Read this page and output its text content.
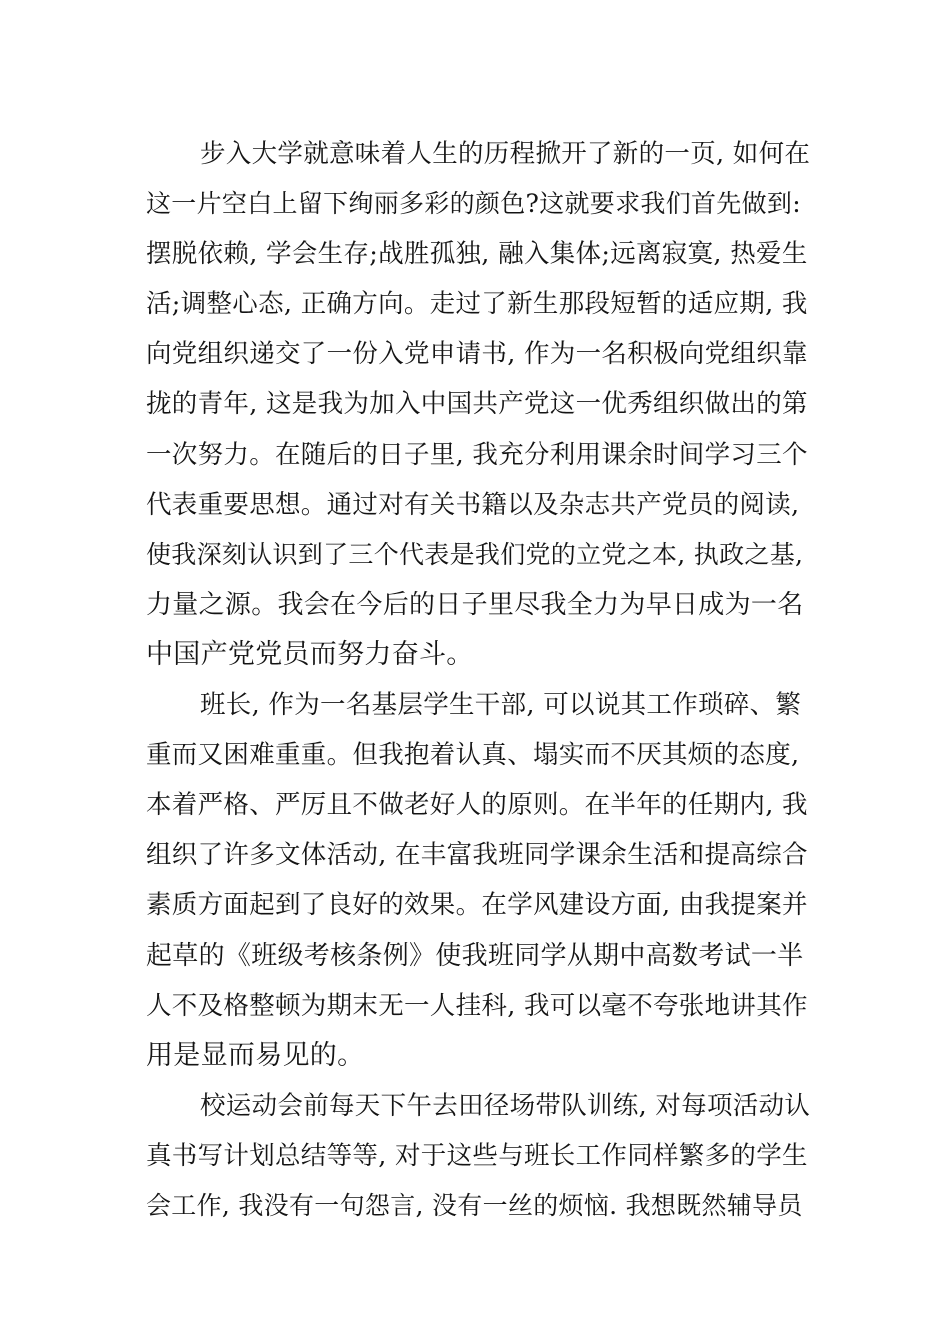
步入大学就意味着人生的历程掀开了新的一页, 如何在
这一片空白上留下绚丽多彩的颜色?这就要求我们首先做到:
摆脱依赖, 学会生存;战胜孤独, 融入集体;远离寂寞, 热爱生
活;调整心态, 正确方向。走过了新生那段短暂的适应期, 我
向党组织递交了一份入党申请书, 作为一名积极向党组织靠
拢的青年, 这是我为加入中国共产党这一优秀组织做出的第
一次努力。在随后的日子里, 我充分利用课余时间学习三个
代表重要思想。通过对有关书籍以及杂志共产党员的阅读,
使我深刻认识到了三个代表是我们党的立党之本, 执政之基,
力量之源。我会在今后的日子里尽我全力为早日成为一名
中国产党党员而努力奋斗。
班长, 作为一名基层学生干部, 可以说其工作琐碎、繁
重而又困难重重。但我抱着认真、塌实而不厌其烦的态度,
本着严格、严厉且不做老好人的原则。在半年的任期内, 我
组织了许多文体活动, 在丰富我班同学课余生活和提高综合
素质方面起到了良好的效果。在学风建设方面, 由我提案并
起草的《班级考核条例》使我班同学从期中高数考试一半
人不及格整顿为期末无一人挂科, 我可以毫不夸张地讲其作
用是显而易见的。
校运动会前每天下午去田径场带队训练, 对每项活动认
真书写计划总结等等, 对于这些与班长工作同样繁多的学生
会工作, 我没有一句怨言, 没有一丝的烦恼. 我想既然辅导员
